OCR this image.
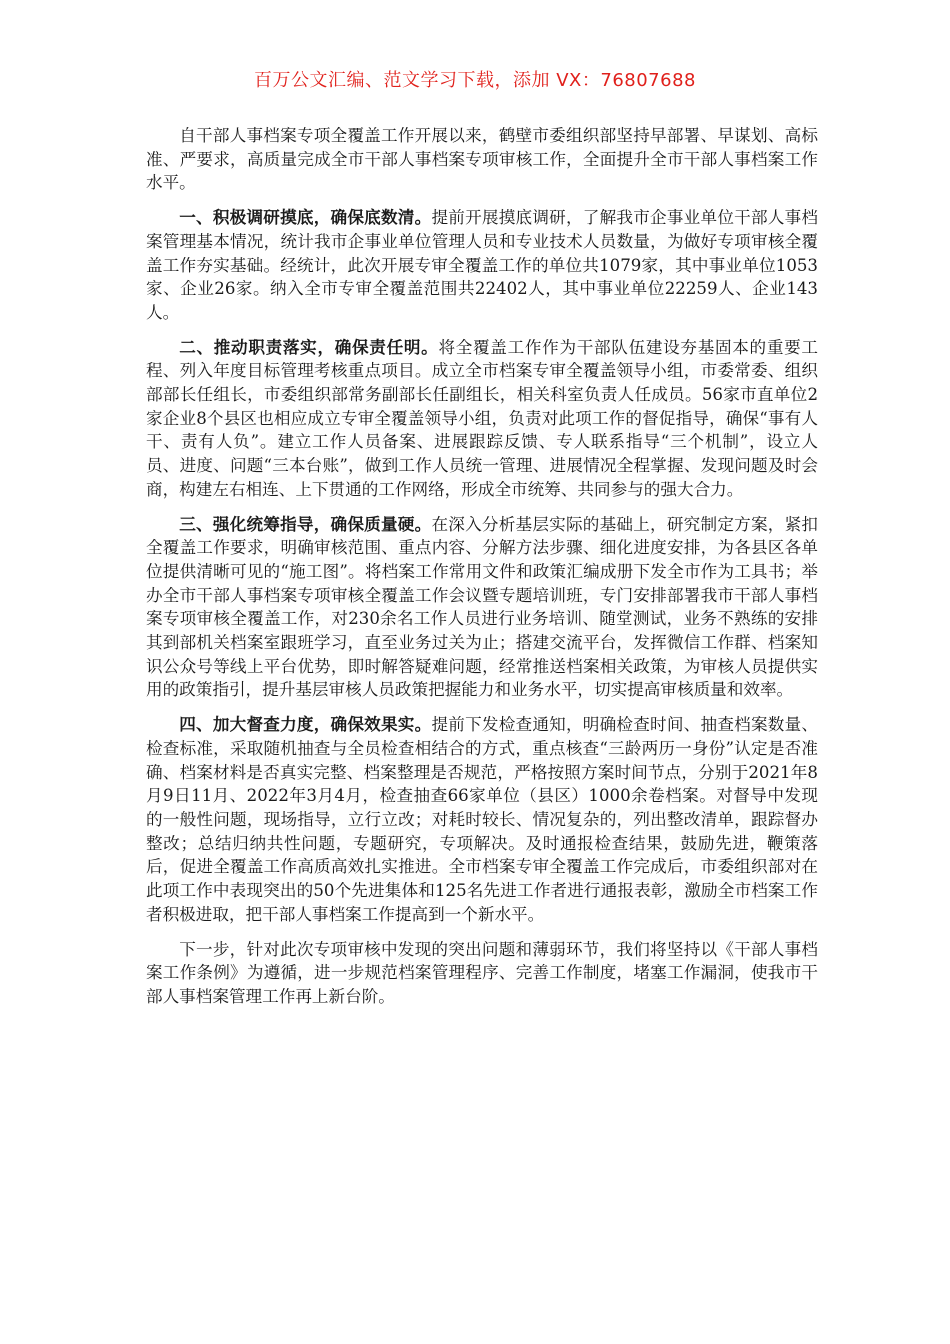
百万公文汇编、范文学习下载，添加 VX：76807688

自干部人事档案专项全覆盖工作开展以来，鹤壁市委组织部坚持早部署、早谋划、高标准、严要求，高质量完成全市干部人事档案专项审核工作，全面提升全市干部人事档案工作水平。

一、积极调研摸底，确保底数清。提前开展摸底调研，了解我市企事业单位干部人事档案管理基本情况，统计我市企事业单位管理人员和专业技术人员数量，为做好专项审核全覆盖工作夯实基础。经统计，此次开展专审全覆盖工作的单位共1079家，其中事业单位1053家、企业26家。纳入全市专审全覆盖范围共22402人，其中事业单位22259人、企业143人。

二、推动职责落实，确保责任明。将全覆盖工作作为干部队伍建设夯基固本的重要工程、列入年度目标管理考核重点项目。成立全市档案专审全覆盖领导小组，市委常委、组织部部长任组长，市委组织部常务副部长任副组长，相关科室负责人任成员。56家市直单位2家企业8个县区也相应成立专审全覆盖领导小组，负责对此项工作的督促指导，确保“事有人干、责有人负”。建立工作人员备案、进展跟踪反馈、专人联系指导“三个机制”，设立人员、进度、问题“三本台账”，做到工作人员统一管理、进展情况全程掌握、发现问题及时会商，构建左右相连、上下贯通的工作网络，形成全市统筹、共同参与的强大合力。

三、强化统筹指导，确保质量硬。在深入分析基层实际的基础上，研究制定方案，紧扣全覆盖工作要求，明确审核范围、重点内容、分解方法步骤、细化进度安排，为各县区各单位提供清晰可见的“施工图”。将档案工作常用文件和政策汇编成册下发全市作为工具书；举办全市干部人事档案专项审核全覆盖工作会议暨专题培训班，专门安排部署我市干部人事档案专项审核全覆盖工作，对230余名工作人员进行业务培训、随堂测试，业务不熟练的安排其到部机关档案室跟班学习，直至业务过关为止；搭建交流平台，发挥微信工作群、档案知识公众号等线上平台优势，即时解答疑难问题，经常推送档案相关政策，为审核人员提供实用的政策指引，提升基层审核人员政策把握能力和业务水平，切实提高审核质量和效率。

四、加大督查力度，确保效果实。提前下发检查通知，明确检查时间、抽查档案数量、检查标准，采取随机抽查与全员检查相结合的方式，重点核查“三龄两历一身份”认定是否准确、档案材料是否真实完整、档案整理是否规范，严格按照方案时间节点，分别于2021年8月9日11月、2022年3月4月，检查抽查66家单位（县区）1000余卷档案。对督导中发现的一般性问题，现场指导，立行立改；对耗时较长、情况复杂的，列出整改清单，跟踪督办整改；总结归纳共性问题，专题研究，专项解决。及时通报检查结果，鼓励先进，鞭策落后，促进全覆盖工作高质高效扎实推进。全市档案专审全覆盖工作完成后，市委组织部对在此项工作中表现突出的50个先进集体和125名先进工作者进行通报表彰，激励全市档案工作者积极进取，把干部人事档案工作提高到一个新水平。

下一步，针对此次专项审核中发现的突出问题和薄弱环节，我们将坚持以《干部人事档案工作条例》为遵循，进一步规范档案管理程序、完善工作制度，堵塞工作漏洞，使我市干部人事档案管理工作再上新台阶。
